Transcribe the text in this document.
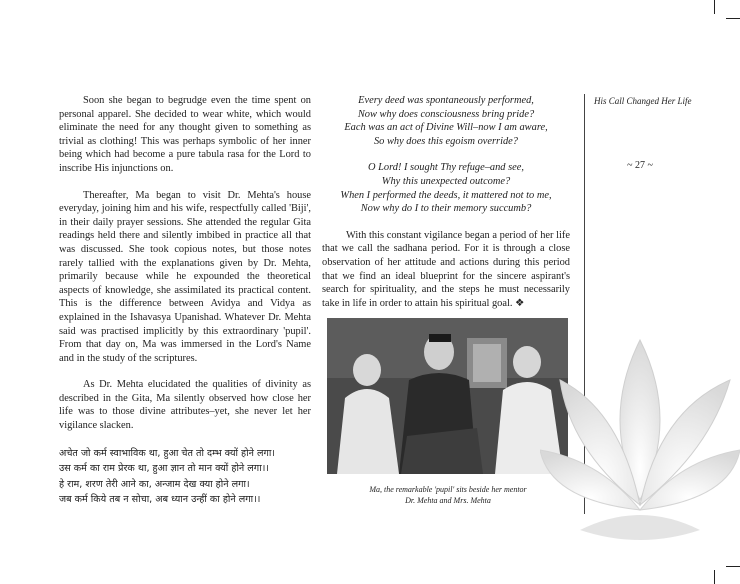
Soon she began to begrudge even the time spent on personal apparel. She decided to wear white, which would eliminate the need for any thought given to something as trivial as clothing! This was perhaps symbolic of her inner being which had become a pure tabula rasa for the Lord to inscribe His injunctions on.

Thereafter, Ma began to visit Dr. Mehta's house everyday, joining him and his wife, respectfully called 'Biji', in their daily prayer sessions. She attended the regular Gita readings held there and silently imbibed in practice all that was discussed. She took copious notes, but those notes rarely tallied with the explanations given by Dr. Mehta, primarily because while he expounded the theoretical aspects of knowledge, she assimilated its practical content. This is the difference between Avidya and Vidya as explained in the Ishavasya Upanishad. Whatever Dr. Mehta said was practised implicitly by this extraordinary 'pupil'. From that day on, Ma was immersed in the Lord's Name and in the study of the scriptures.

As Dr. Mehta elucidated the qualities of divinity as described in the Gita, Ma silently observed how close her life was to those divine attributes–yet, she never let her vigilance slacken.

अचेत जो कर्म स्वाभाविक था, हुआ चेत तो दम्भ क्यों होने लगा।
उस कर्म का राम प्रेरक था, हुआ ज्ञान तो मान क्यों होने लगा।।
हे राम, शरण तेरी आने का, अन्जाम देख क्या होने लगा।
जब कर्म किये तब न सोचा, अब ध्यान उन्हीं का होने लगा।।
Every deed was spontaneously performed,
Now why does consciousness bring pride?
Each was an act of Divine Will–now I am aware,
So why does this egoism override?
O Lord! I sought Thy refuge–and see,
Why this unexpected outcome?
When I performed the deeds, it mattered not to me,
Now why do I to their memory succumb?

With this constant vigilance began a period of her life that we call the sadhana period. For it is through a close observation of her attitude and actions during this period that we find an ideal blueprint for the sincere aspirant's search for spirituality, and the steps he must necessarily take in life in order to attain his spiritual goal. ❖

Ma, the remarkable 'pupil' sits beside her mentor
Dr. Mehta and Mrs. Mehta
His Call Changed Her Life
~ 27 ~
